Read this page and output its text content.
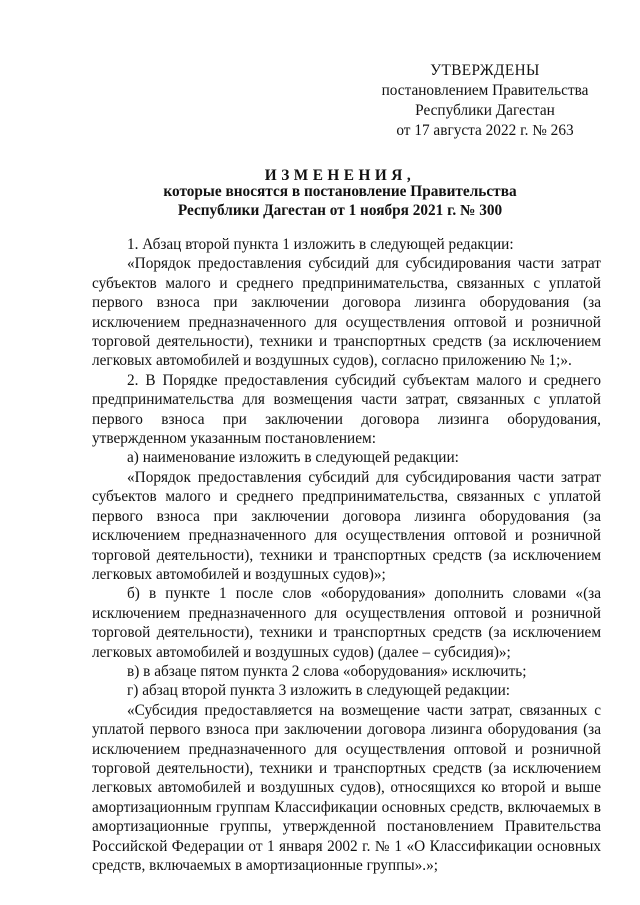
УТВЕРЖДЕНЫ
постановлением Правительства
Республики Дагестан
от 17 августа 2022 г. № 263
ИЗМЕНЕНИЯ,
которые вносятся в постановление Правительства
Республики Дагестан от 1 ноября 2021 г. № 300

1. Абзац второй пункта 1 изложить в следующей редакции:

«Порядок предоставления субсидий для субсидирования части затрат субъектов малого и среднего предпринимательства, связанных с уплатой первого взноса при заключении договора лизинга оборудования (за исключением предназначенного для осуществления оптовой и розничной торговой деятельности), техники и транспортных средств (за исключением легковых автомобилей и воздушных судов), согласно приложению № 1;».

2. В Порядке предоставления субсидий субъектам малого и среднего предпринимательства для возмещения части затрат, связанных с уплатой первого взноса при заключении договора лизинга оборудования, утвержденном указанным постановлением:

а) наименование изложить в следующей редакции:

«Порядок предоставления субсидий для субсидирования части затрат субъектов малого и среднего предпринимательства, связанных с уплатой первого взноса при заключении договора лизинга оборудования (за исключением предназначенного для осуществления оптовой и розничной торговой деятельности), техники и транспортных средств (за исключением легковых автомобилей и воздушных судов)»;

б) в пункте 1 после слов «оборудования» дополнить словами «(за исключением предназначенного для осуществления оптовой и розничной торговой деятельности), техники и транспортных средств (за исключением легковых автомобилей и воздушных судов) (далее – субсидия)»;

в) в абзаце пятом пункта 2 слова «оборудования» исключить;

г) абзац второй пункта 3 изложить в следующей редакции:

«Субсидия предоставляется на возмещение части затрат, связанных с уплатой первого взноса при заключении договора лизинга оборудования (за исключением предназначенного для осуществления оптовой и розничной торговой деятельности), техники и транспортных средств (за исключением легковых автомобилей и воздушных судов), относящихся ко второй и выше амортизационным группам Классификации основных средств, включаемых в амортизационные группы, утвержденной постановлением Правительства Российской Федерации от 1 января 2002 г. № 1 «О Классификации основных средств, включаемых в амортизационные группы».»;
